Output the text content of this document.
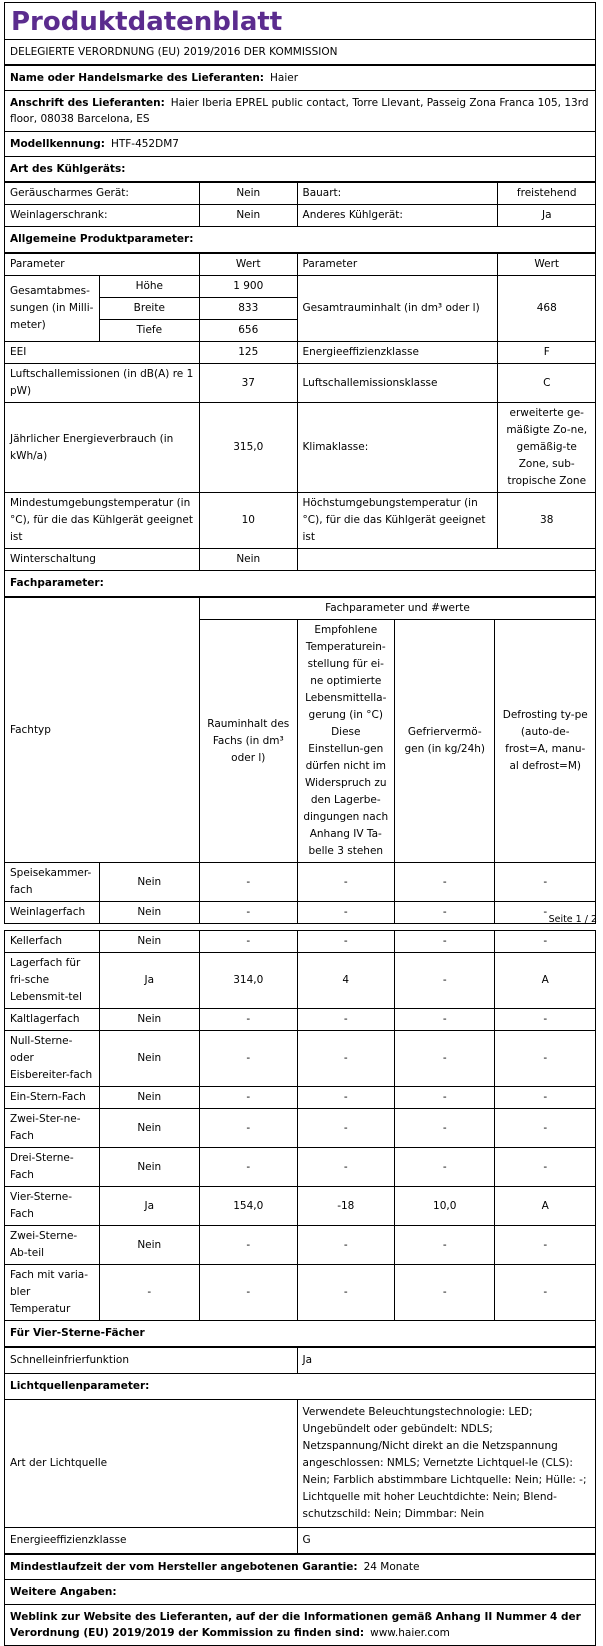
Produktdatenblatt
DELEGIERTE VERORDNUNG (EU) 2019/2016 DER KOMMISSION
Name oder Handelsmarke des Lieferanten: Haier
Anschrift des Lieferanten: Haier Iberia EPREL public contact, Torre Llevant, Passeig Zona Franca 105, 13rd floor, 08038 Barcelona, ES
Modellkennung: HTF-452DM7
Art des Kühlgeräts:
Geräuscharmes Gerät:	Nein	Bauart:	freistehend
Weinlagerschrank:	Nein	Anderes Kühlgerät:	Ja
Allgemeine Produktparameter:			
Parameter		Wert	Parameter	Wert
Gesamtabmes-sungen (in Milli-meter)	Höhe	1 900	Gesamtrauminhalt (in dm³ oder l)	468
	Breite	833		
	Tiefe	656		
EEI		125	Energieeffizienzklasse	F
Luftschallemissionen (in dB(A) re 1 pW)		37	Luftschallemissionsklasse	C
Jährlicher Energieverbrauch (in kWh/a)		315,0	Klimaklasse:	erweiterte ge-mäßigte Zo-ne, gemäßig-te Zone, sub-tropische Zone
Mindestumgebungstemperatur (in °C), für die das Kühlgerät geeignet ist		10	Höchstumgebungstemperatur (in °C), für die das Kühlgerät geeignet ist	38
Winterschaltung		Nein		
Fachparameter:				
Fachtyp		Fachparameter und #werte			
		Rauminhalt des Fachs (in dm³ oder l)	Empfohlene Temperaturein-stellung für ei-ne optimierte Lebensmittella-gerung (in °C) Diese Einstellun-gen dürfen nicht im Widerspruch zu den Lagerbe-dingungen nach Anhang IV Ta-belle 3 stehen	Gefriervermö-gen (in kg/24h)	Defrosting ty-pe (auto-de-frost=A, manu-al defrost=M)
Speisekammer-fach	Nein	-	-	-	-
Weinlagerfach	Nein	-	-	-	-
Seite 1 / 2
Kellerfach	Nein	-	-	-	-
Lagerfach für fri-sche Lebensmit-tel	Ja	314,0	4	-	A
Kaltlagerfach	Nein	-	-	-	-
Null-Sterne-oder Eisbereiter-fach	Nein	-	-	-	-
Ein-Stern-Fach	Nein	-	-	-	-
Zwei-Ster-ne-Fach	Nein	-	-	-	-
Drei-Sterne-Fach	Nein	-	-	-	-
Vier-Sterne-Fach	Ja	154,0	-18	10,0	A
Zwei-Sterne-Ab-teil	Nein	-	-	-	-
Fach mit varia-bler Temperatur	-	-	-	-	-
Für Vier-Sterne-Fächer					
Schnelleinfrierfunktion	Ja
Lichtquellenparameter:	
Art der Lichtquelle	Verwendete Beleuchtungstechnologie: LED; Ungebündelt oder gebündelt: NDLS; Netzspannung/Nicht direkt an die Netzspannung angeschlossen: NMLS; Vernetzte Lichtquel-le (CLS): Nein; Farblich abstimmbare Lichtquelle: Nein; Hülle: -; Lichtquelle mit hoher Leuchtdichte: Nein; Blend-schutzschild: Nein; Dimmbar: Nein
Energieeffizienzklasse	G
Mindestlaufzeit der vom Hersteller angebotenen Garantie: 24 Monate
Weitere Angaben:
Weblink zur Website des Lieferanten, auf der die Informationen gemäß Anhang II Nummer 4 der Verordnung (EU) 2019/2019 der Kommission zu finden sind: www.haier.com
